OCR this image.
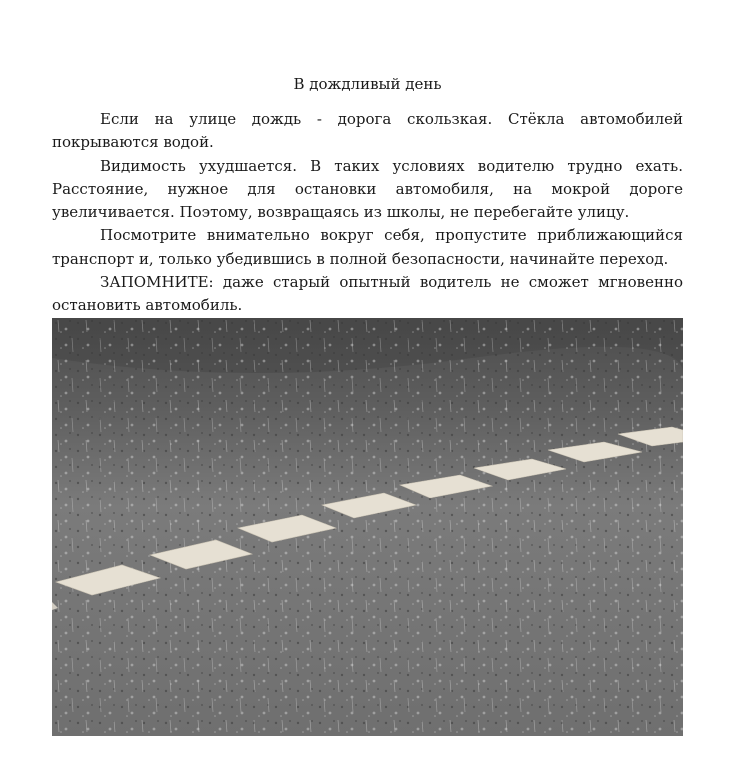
В дождливый день

Если на улице дождь - дорога скользкая. Стёкла автомобилей покрываются водой.

Видимость ухудшается. В таких условиях водителю трудно ехать. Расстояние, нужное для остановки автомобиля, на мокрой дороге увеличивается. Поэтому, возвращаясь из школы, не перебегайте улицу.

Посмотрите внимательно вокруг себя, пропустите приближающийся транспорт и, только убедившись в полной безопасности, начинайте переход.

ЗАПОМНИТЕ: даже старый опытный водитель не сможет мгновенно остановить автомобиль.
